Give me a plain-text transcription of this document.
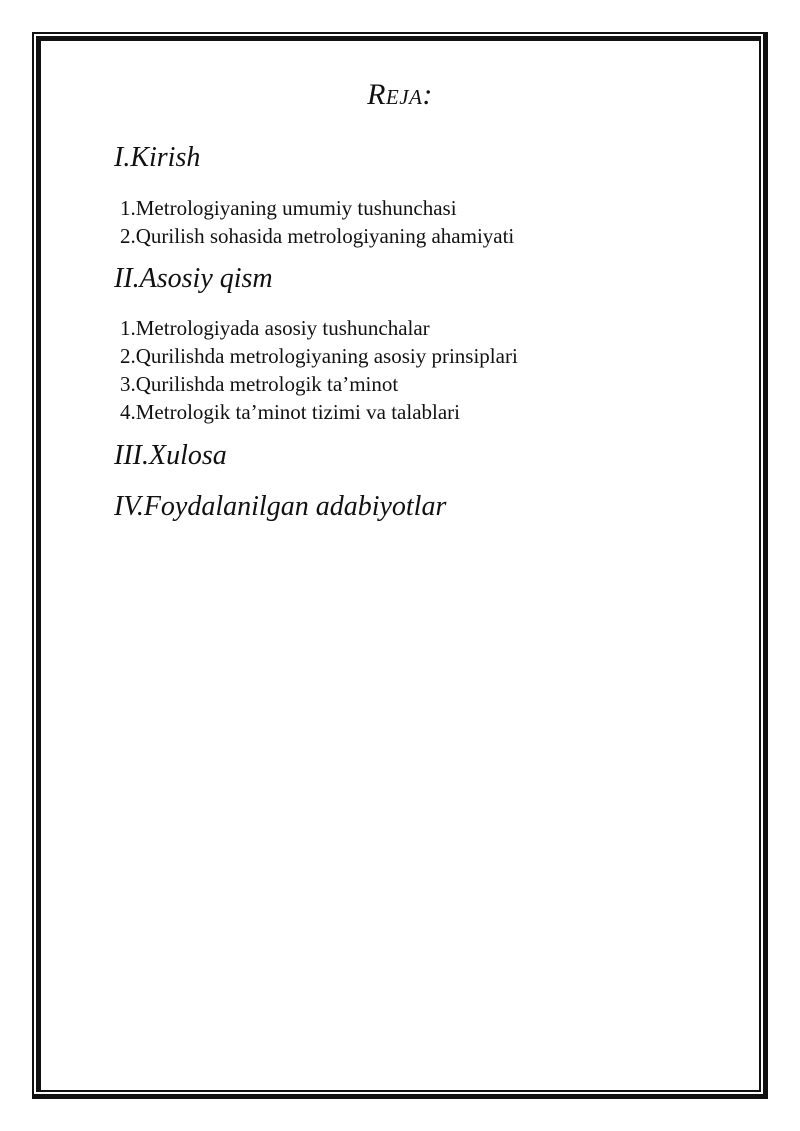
Reja:
I.Kirish
1.Metrologiyaning umumiy tushunchasi
2.Qurilish sohasida metrologiyaning ahamiyati
II.Asosiy qism
1.Metrologiyada asosiy tushunchalar
2.Qurilishda metrologiyaning asosiy prinsiplari
3.Qurilishda metrologik ta’minot
4.Metrologik ta’minot tizimi va talablari
III.Xulosa
IV.Foydalanilgan adabiyotlar
